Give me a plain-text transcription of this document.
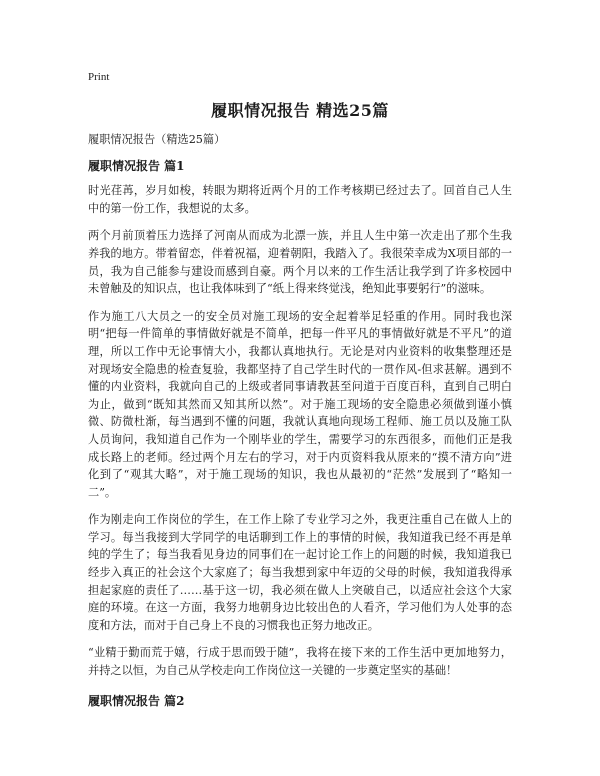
Print
履职情况报告 精选25篇

履职情况报告（精选25篇）

履职情况报告 篇1

时光荏苒，岁月如梭，转眼为期将近两个月的工作考核期已经过去了。回首自己人生中的第一份工作，我想说的太多。

两个月前顶着压力选择了河南从而成为北漂一族，并且人生中第一次走出了那个生我养我的地方。带着留恋，伴着祝福，迎着朝阳，我踏入了。我很荣幸成为X项目部的一员，我为自己能参与建设而感到自豪。两个月以来的工作生活让我学到了许多校园中未曾触及的知识点，也让我体味到了“纸上得来终觉浅，绝知此事要躬行”的滋味。

作为施工八大员之一的安全员对施工现场的安全起着举足轻重的作用。同时我也深明“把每一件简单的事情做好就是不简单，把每一件平凡的事情做好就是不平凡”的道理，所以工作中无论事情大小，我都认真地执行。无论是对内业资料的收集整理还是对现场安全隐患的检查复验，我都坚持了自己学生时代的一贯作风-但求甚解。遇到不懂的内业资料，我就向自己的上级或者同事请教甚至问道于百度百科，直到自己明白为止，做到“既知其然而又知其所以然”。对于施工现场的安全隐患必须做到谨小慎微、防微杜渐，每当遇到不懂的问题，我就认真地向现场工程师、施工员以及施工队人员询问，我知道自己作为一个刚毕业的学生，需要学习的东西很多，而他们正是我成长路上的老师。经过两个月左右的学习，对于内页资料我从原来的“摸不清方向”进化到了“观其大略”，对于施工现场的知识，我也从最初的“茫然”发展到了“略知一二”。

作为刚走向工作岗位的学生，在工作上除了专业学习之外，我更注重自己在做人上的学习。每当我接到大学同学的电话聊到工作上的事情的时候，我知道我已经不再是单纯的学生了；每当我看见身边的同事们在一起讨论工作上的问题的时候，我知道我已经步入真正的社会这个大家庭了；每当我想到家中年迈的父母的时候，我知道我得承担起家庭的责任了……基于这一切，我必须在做人上突破自己，以适应社会这个大家庭的环境。在这一方面，我努力地朝身边比较出色的人看齐，学习他们为人处事的态度和方法，而对于自己身上不良的习惯我也正努力地改正。

“业精于勤而荒于嬉，行成于思而毁于随”，我将在接下来的工作生活中更加地努力，并持之以恒，为自己从学校走向工作岗位这一关键的一步奠定坚实的基础！

履职情况报告 篇2
